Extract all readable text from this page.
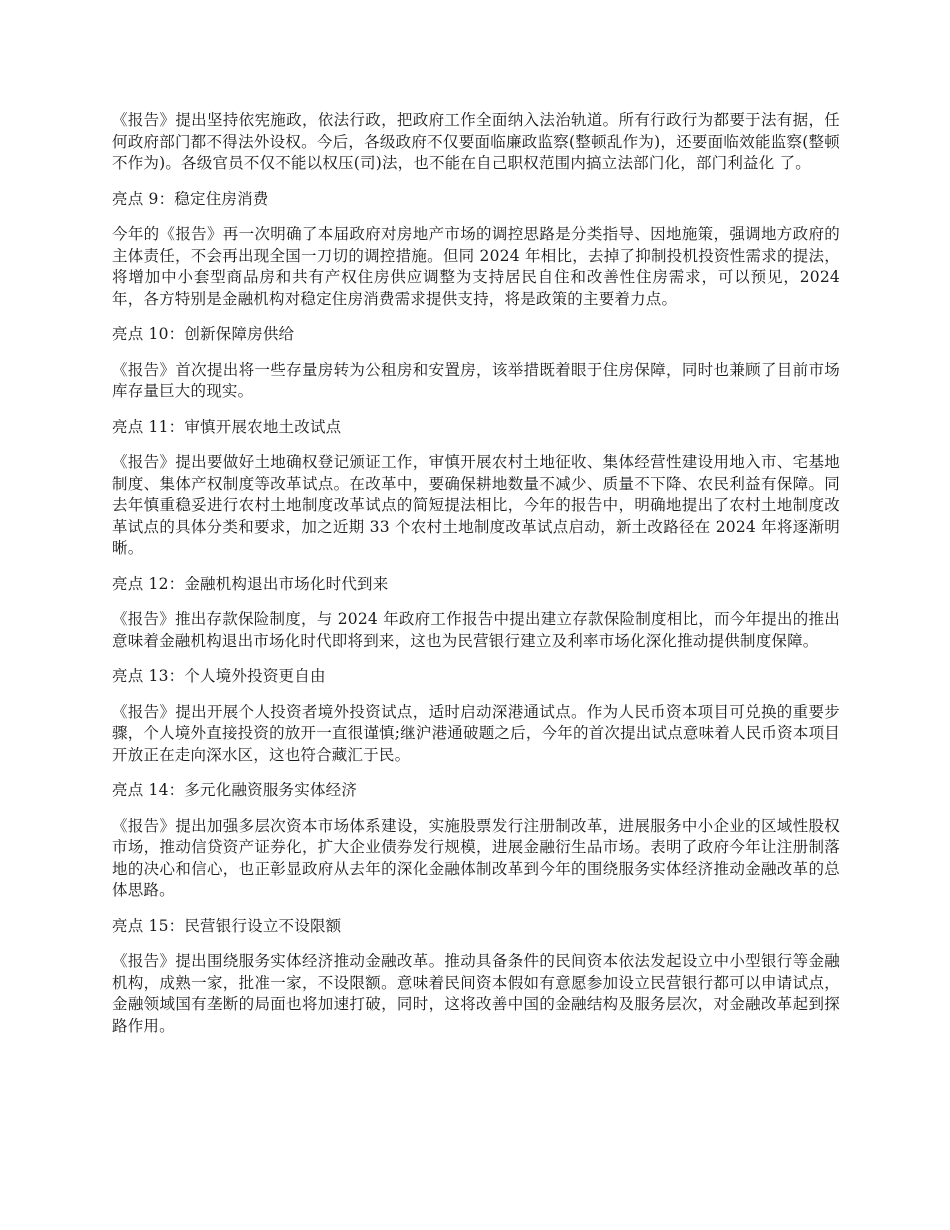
《报告》提出坚持依宪施政，依法行政，把政府工作全面纳入法治轨道。所有行政行为都要于法有据，任何政府部门都不得法外设权。今后，各级政府不仅要面临廉政监察(整顿乱作为)，还要面临效能监察(整顿不作为)。各级官员不仅不能以权压(司)法，也不能在自己职权范围内搞立法部门化，部门利益化 了。

亮点 9：稳定住房消费

今年的《报告》再一次明确了本届政府对房地产市场的调控思路是分类指导、因地施策，强调地方政府的主体责任，不会再出现全国一刀切的调控措施。但同 2024 年相比，去掉了抑制投机投资性需求的提法，将增加中小套型商品房和共有产权住房供应调整为支持居民自住和改善性住房需求，可以预见，2024 年，各方特别是金融机构对稳定住房消费需求提供支持，将是政策的主要着力点。

亮点 10：创新保障房供给

《报告》首次提出将一些存量房转为公租房和安置房，该举措既着眼于住房保障，同时也兼顾了目前市场库存量巨大的现实。

亮点 11：审慎开展农地土改试点

《报告》提出要做好土地确权登记颁证工作，审慎开展农村土地征收、集体经营性建设用地入市、宅基地制度、集体产权制度等改革试点。在改革中，要确保耕地数量不减少、质量不下降、农民利益有保障。同去年慎重稳妥进行农村土地制度改革试点的简短提法相比，今年的报告中，明确地提出了农村土地制度改革试点的具体分类和要求，加之近期 33 个农村土地制度改革试点启动，新土改路径在 2024 年将逐渐明晰。

亮点 12：金融机构退出市场化时代到来

《报告》推出存款保险制度，与 2024 年政府工作报告中提出建立存款保险制度相比，而今年提出的推出意味着金融机构退出市场化时代即将到来，这也为民营银行建立及利率市场化深化推动提供制度保障。

亮点 13：个人境外投资更自由

《报告》提出开展个人投资者境外投资试点，适时启动深港通试点。作为人民币资本项目可兑换的重要步骤，个人境外直接投资的放开一直很谨慎;继沪港通破题之后，今年的首次提出试点意味着人民币资本项目开放正在走向深水区，这也符合藏汇于民。

亮点 14：多元化融资服务实体经济

《报告》提出加强多层次资本市场体系建设，实施股票发行注册制改革，进展服务中小企业的区域性股权市场，推动信贷资产证券化，扩大企业债券发行规模，进展金融衍生品市场。表明了政府今年让注册制落地的决心和信心，也正彰显政府从去年的深化金融体制改革到今年的围绕服务实体经济推动金融改革的总体思路。

亮点 15：民营银行设立不设限额

《报告》提出围绕服务实体经济推动金融改革。推动具备条件的民间资本依法发起设立中小型银行等金融机构，成熟一家，批准一家，不设限额。意味着民间资本假如有意愿参加设立民营银行都可以申请试点，金融领域国有垄断的局面也将加速打破，同时，这将改善中国的金融结构及服务层次，对金融改革起到探路作用。
